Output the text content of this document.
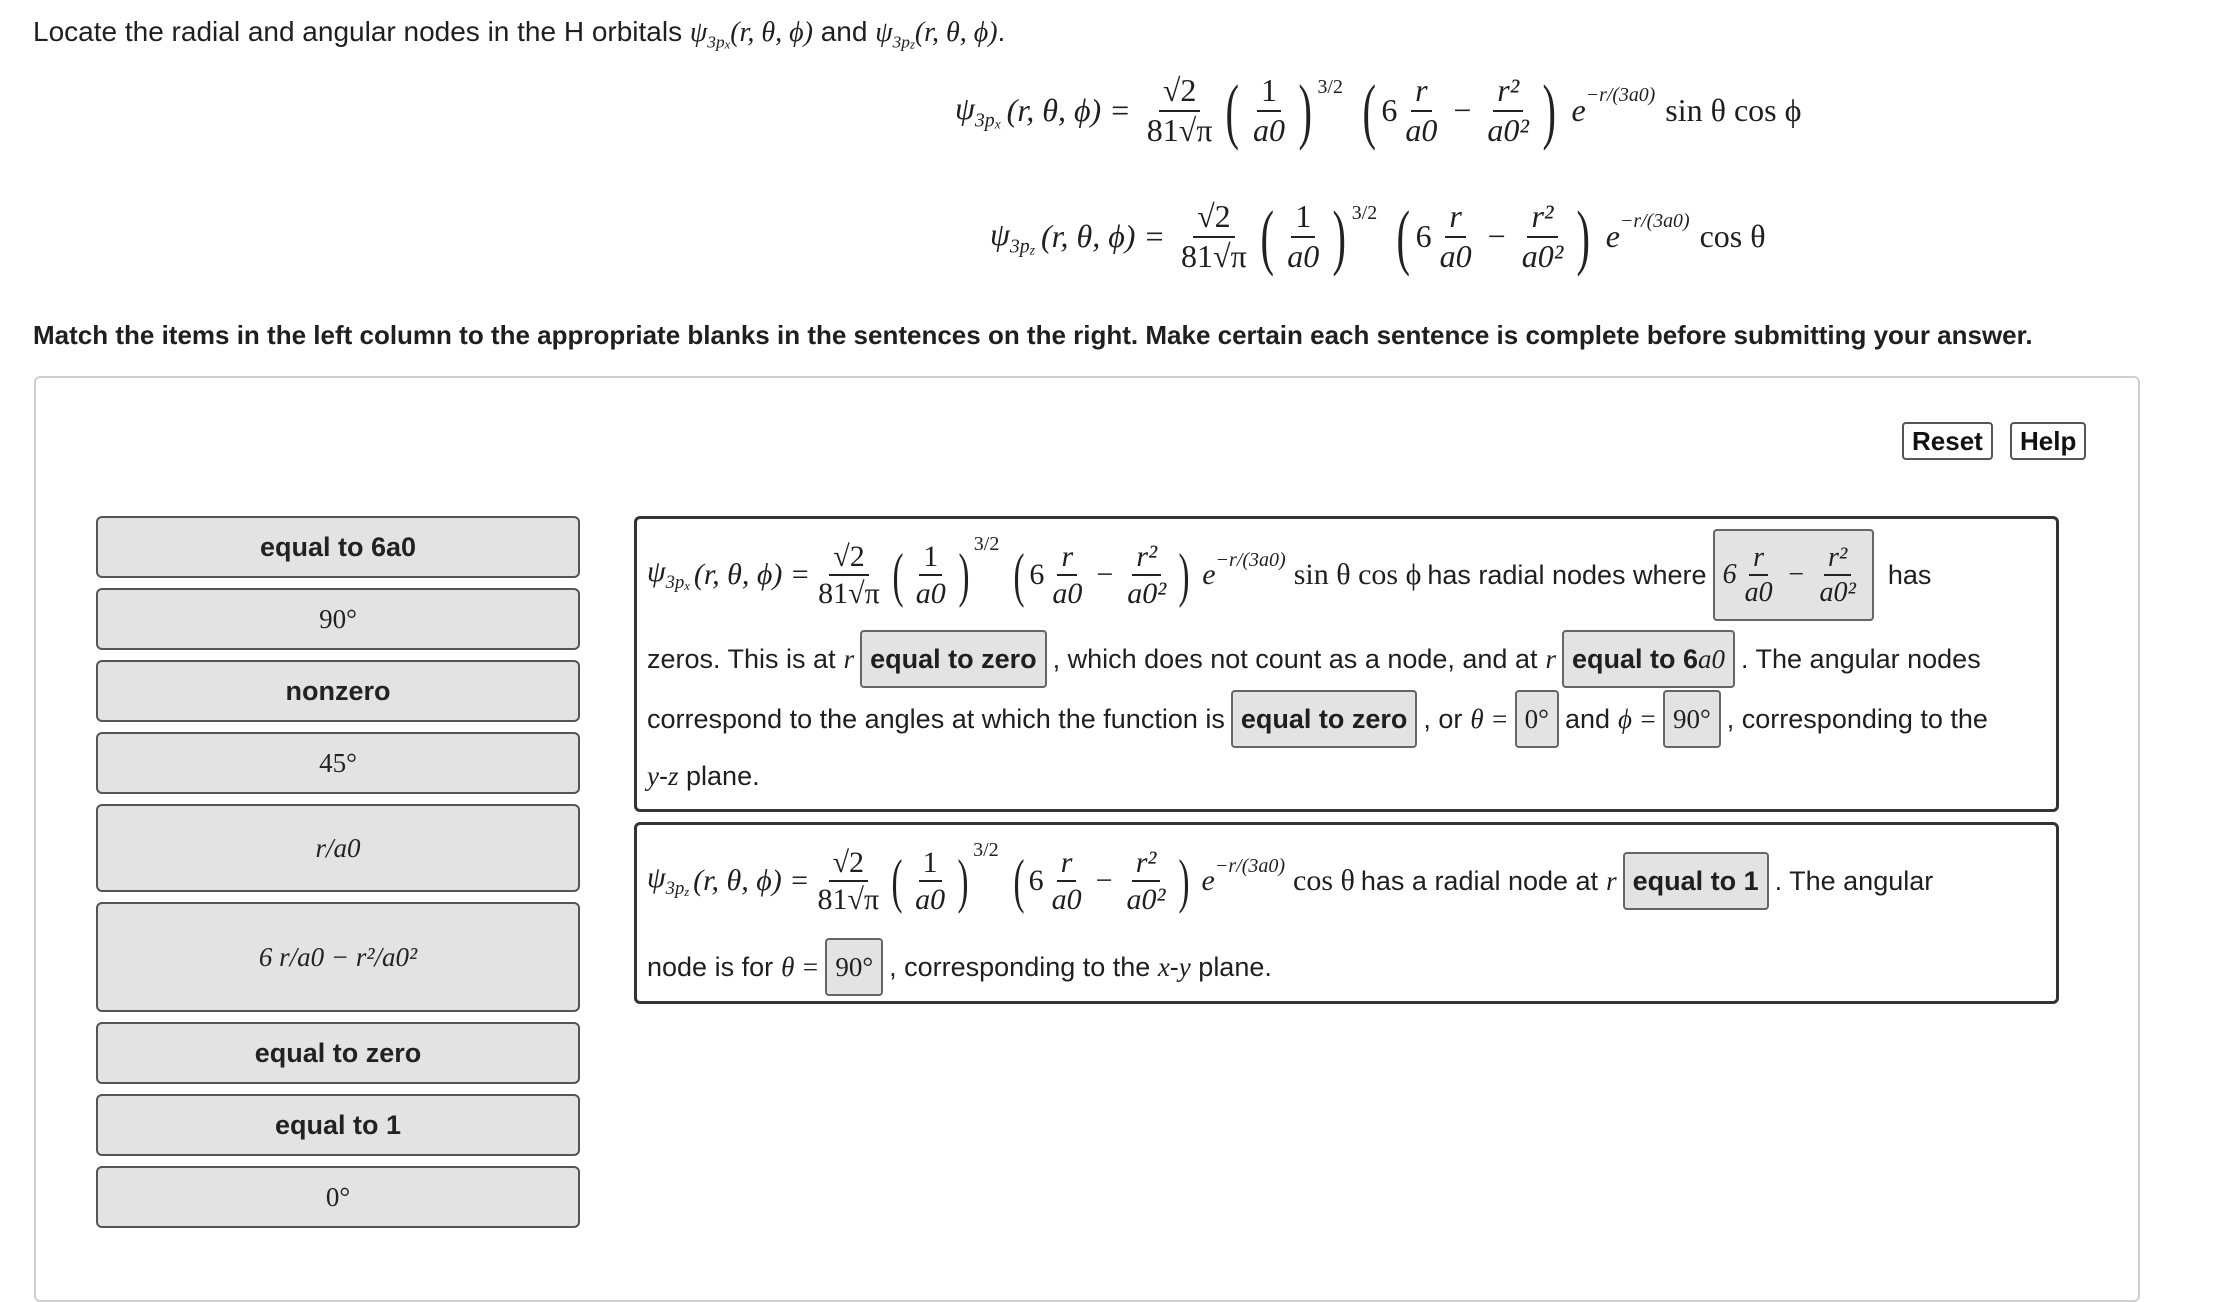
Locate the radial and angular nodes in the H orbitals $\psi_{3px}(r$, θ, ϕ) and $\psi_{3pz}(r$, θ, ϕ).
$\psi_{3px}$ (r, θ, $\phi) = \frac{√2}{81√\pi}$ ( $\frac{1}{a0}$ ) 3/2 ( $6 \frac{r}{a0} - \frac{\text{r²}}{\text{a0²}}$ ) e −r/(3a0) sin θ cos ϕ
$\psi_{3pz}$ (r, θ, $\phi) = \frac{√2}{81√\pi}$ ( $\frac{1}{a0}$ ) 3/2 ( $6 \frac{r}{a0} - \frac{\text{r²}}{\text{a0²}}$ ) e −r/(3a0) cos θ
Match the items in the left column to the appropriate blanks in the sentences on the right. Make certain each sentence is complete before submitting your answer.
Reset	Help
equal to 6a0
90°
nonzero
45°
r/a0
6 r/a0 − r²/a0²
equal to zero
equal to 1
0°
$\psi_{3px}$ (r, θ, $\phi) = \frac{√2}{81√\pi}$ ( $\frac{1}{a0}$ ) 3/2 ( $6 \frac{r}{a0} - \frac{\text{r²}}{\text{a0²}}$ ) e −r/(3a0) sin θ cos ϕ has radial nodes where $6 \frac{r}{a0} - \frac{\text{r²}}{\text{a0²}}$ has
zeros. This is at r equal to zero , which does not count as a node, and at r equal to 6 a0 . The angular nodes
correspond to the angles at which the function is equal to zero , or θ = 0° and ϕ = 90° , corresponding to the
y - z
plane.
$\psi_{3pz}$ (r, θ, $\phi) = \frac{√2}{81√\pi}$ ( $\frac{1}{a0}$ ) 3/2 ( $6 \frac{r}{a0} - \frac{\text{r²}}{\text{a0²}}$ ) e −r/(3a0) cos θ has a radial node at r equal to 1 . The angular
node is for θ = 90° , corresponding to the
x - y
plane.
